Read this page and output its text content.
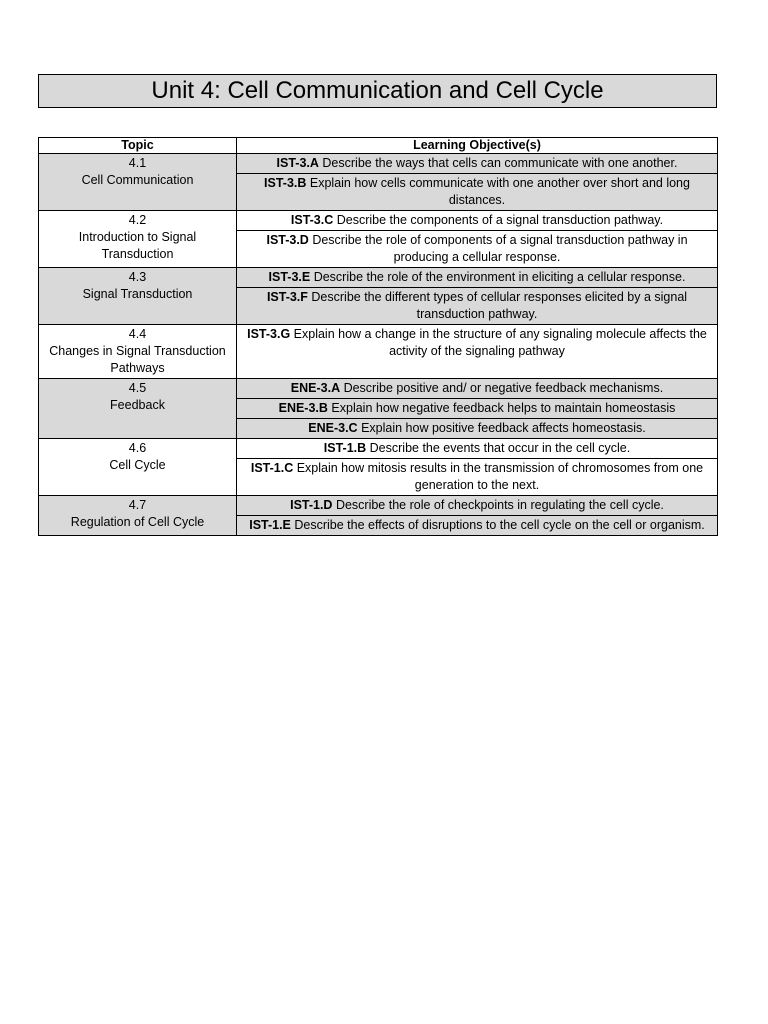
Unit 4: Cell Communication and Cell Cycle
Topic	Learning Objective(s)

4.1
Cell Communication	IST-3.A Describe the ways that cells can communicate with one another.
	IST-3.B Explain how cells communicate with one another over short and long distances.

4.2
Introduction to Signal Transduction	IST-3.C Describe the components of a signal transduction pathway.
	IST-3.D Describe the role of components of a signal transduction pathway in producing a cellular response.

4.3
Signal Transduction	IST-3.E Describe the role of the environment in eliciting a cellular response.
	IST-3.F Describe the different types of cellular responses elicited by a signal transduction pathway.

4.4
Changes in Signal Transduction Pathways	IST-3.G Explain how a change in the structure of any signaling molecule affects the activity of the signaling pathway

4.5
Feedback	ENE-3.A Describe positive and/ or negative feedback mechanisms.
	ENE-3.B Explain how negative feedback helps to maintain homeostasis
	ENE-3.C Explain how positive feedback affects homeostasis.

4.6
Cell Cycle	IST-1.B Describe the events that occur in the cell cycle.
	IST-1.C Explain how mitosis results in the transmission of chromosomes from one generation to the next.

4.7
Regulation of Cell Cycle	IST-1.D Describe the role of checkpoints in regulating the cell cycle.
	IST-1.E Describe the effects of disruptions to the cell cycle on the cell or organism.
